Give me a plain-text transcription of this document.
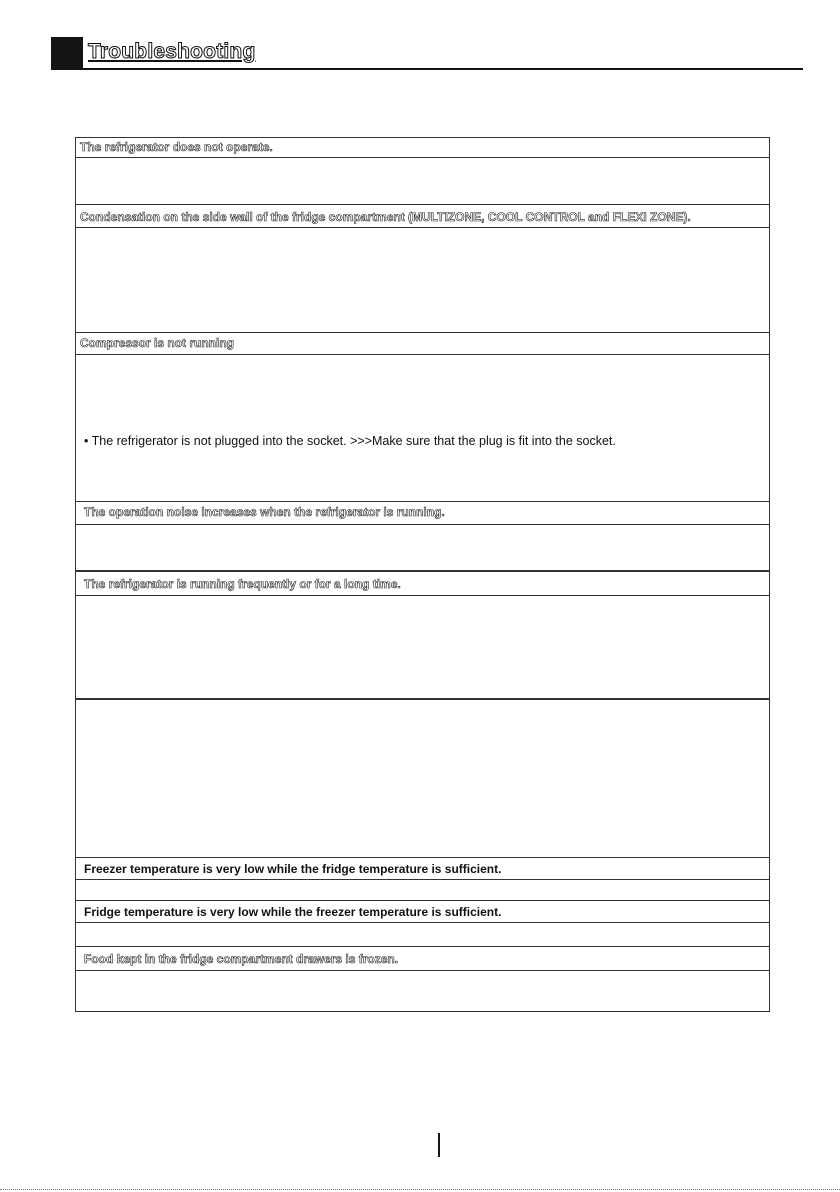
Troubleshooting
The refrigerator does not operate.
Condensation on the side wall of the fridge compartment (MULTIZONE, COOL CONTROL and FLEXI ZONE).
Compressor is not running
• The refrigerator is not plugged into the socket. >>>Make sure that the plug is fit into the socket.
The operation noise increases when the refrigerator is running.
The refrigerator is running frequently or for a long time.
Freezer temperature is very low while the fridge temperature is sufficient.
Fridge temperature is very low while the freezer temperature is sufficient.
Food kept in the fridge compartment drawers is frozen.
